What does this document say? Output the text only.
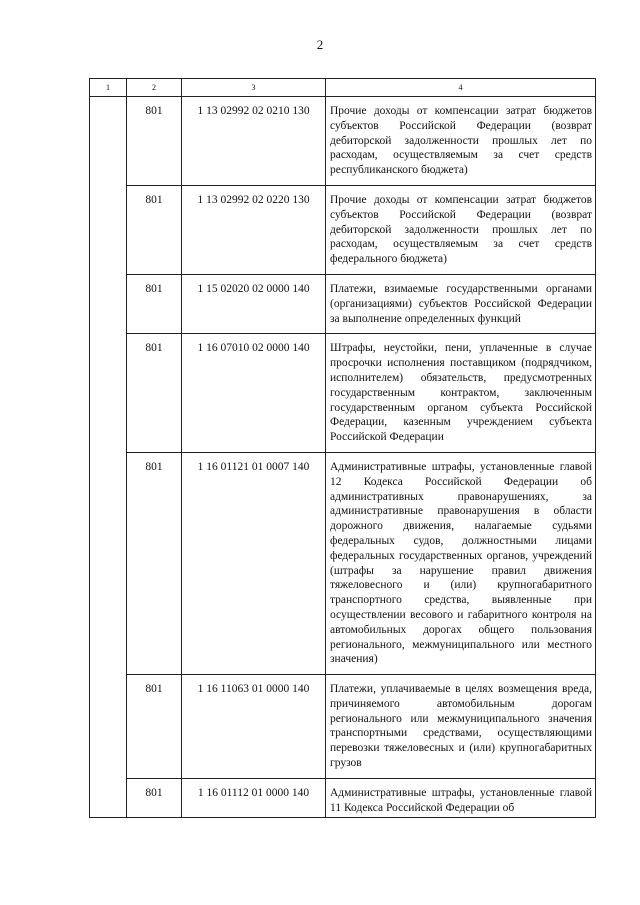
2
1	2	3	4
	801	1 13 02992 02 0210 130	Прочие доходы от компенсации затрат бюджетов субъектов Российской Федерации (возврат дебиторской задолженности прошлых лет по расходам, осуществляемым за счет средств республиканского бюджета)
	801	1 13 02992 02 0220 130	Прочие доходы от компенсации затрат бюджетов субъектов Российской Федерации (возврат дебиторской задолженности прошлых лет по расходам, осуществляемым за счет средств федерального бюджета)
	801	1 15 02020 02 0000 140	Платежи, взимаемые государственными органами (организациями) субъектов Российской Федерации за выполнение определенных функций
	801	1 16 07010 02 0000 140	Штрафы, неустойки, пени, уплаченные в случае просрочки исполнения поставщиком (подрядчиком, исполнителем) обязательств, предусмотренных государственным контрактом, заключенным государственным органом субъекта Российской Федерации, казенным учреждением субъекта Российской Федерации
	801	1 16 01121 01 0007 140	Административные штрафы, установленные главой 12 Кодекса Российской Федерации об административных правонарушениях, за административные правонарушения в области дорожного движения, налагаемые судьями федеральных судов, должностными лицами федеральных государственных органов, учреждений (штрафы за нарушение правил движения тяжеловесного и (или) крупногабаритного транспортного средства, выявленные при осуществлении весового и габаритного контроля на автомобильных дорогах общего пользования регионального, межмуниципального или местного значения)
	801	1 16 11063 01 0000 140	Платежи, уплачиваемые в целях возмещения вреда, причиняемого автомобильным дорогам регионального или межмуниципального значения транспортными средствами, осуществляющими перевозки тяжеловесных и (или) крупногабаритных грузов
	801	1 16 01112 01 0000 140	Административные штрафы, установленные главой 11 Кодекса Российской Федерации об
